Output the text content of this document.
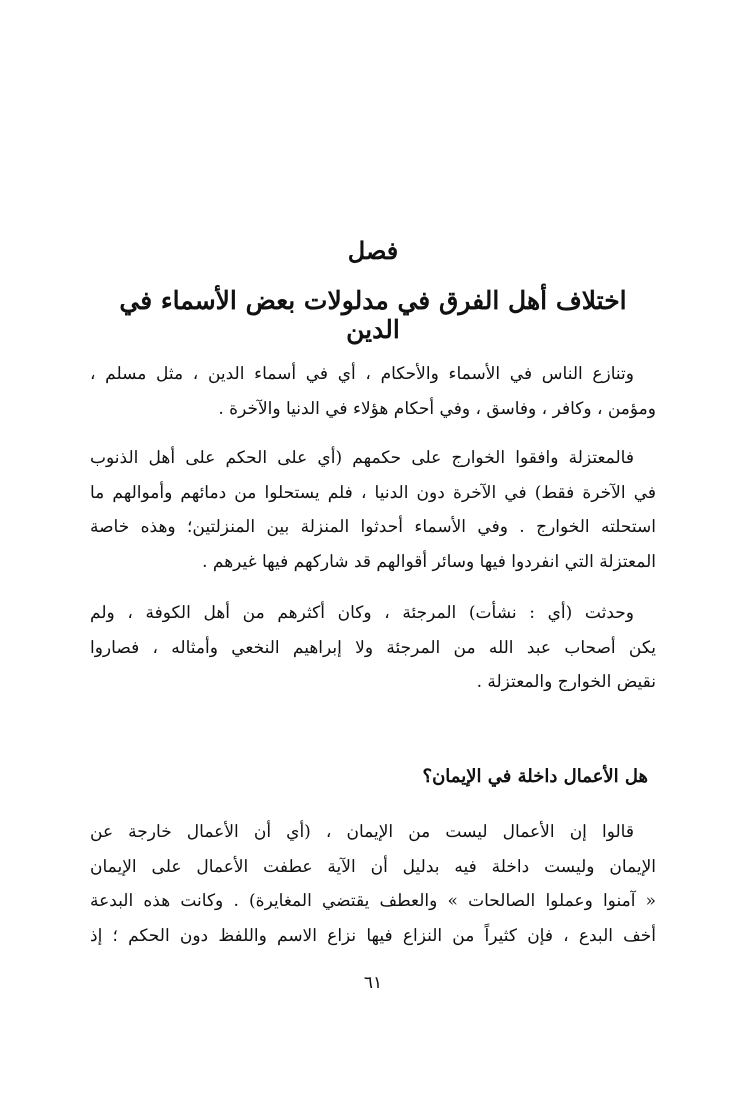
فصل
اختلاف أهل الفرق في مدلولات بعض الأسماء في الدين
وتنازع الناس في الأسماء والأحكام ، أي في أسماء الدين ، مثل مسلم ،
ومؤمن ، وكافر ، وفاسق ، وفي أحكام هؤلاء في الدنيا والآخرة .
فالمعتزلة وافقوا الخوارج على حكمهم (أي على الحكم على أهل الذنوب
في الآخرة فقط) في الآخرة دون الدنيا ، فلم يستحلوا من دمائهم وأموالهم ما
استحلته الخوارج . وفي الأسماء أحدثوا المنزلة بين المنزلتين؛ وهذه خاصة
المعتزلة التي انفردوا فيها وسائر أقوالهم قد شاركهم فيها غيرهم .
وحدثت (أي : نشأت) المرجئة ، وكان أكثرهم من أهل الكوفة ، ولم
يكن أصحاب عبد الله من المرجئة ولا إبراهيم النخعي وأمثاله ، فصاروا
نقيض الخوارج والمعتزلة .
هل الأعمال داخلة في الإيمان؟
قالوا إن الأعمال ليست من الإيمان ، (أي أن الأعمال خارجة عن
الإيمان وليست داخلة فيه بدليل أن الآية عطفت الأعمال على الإيمان
« آمنوا وعملوا الصالحات » والعطف يقتضي المغايرة) . وكانت هذه البدعة
أخف البدع ، فإن كثيراً من النزاع فيها نزاع الاسم واللفظ دون الحكم ؛ إذ
٦١
